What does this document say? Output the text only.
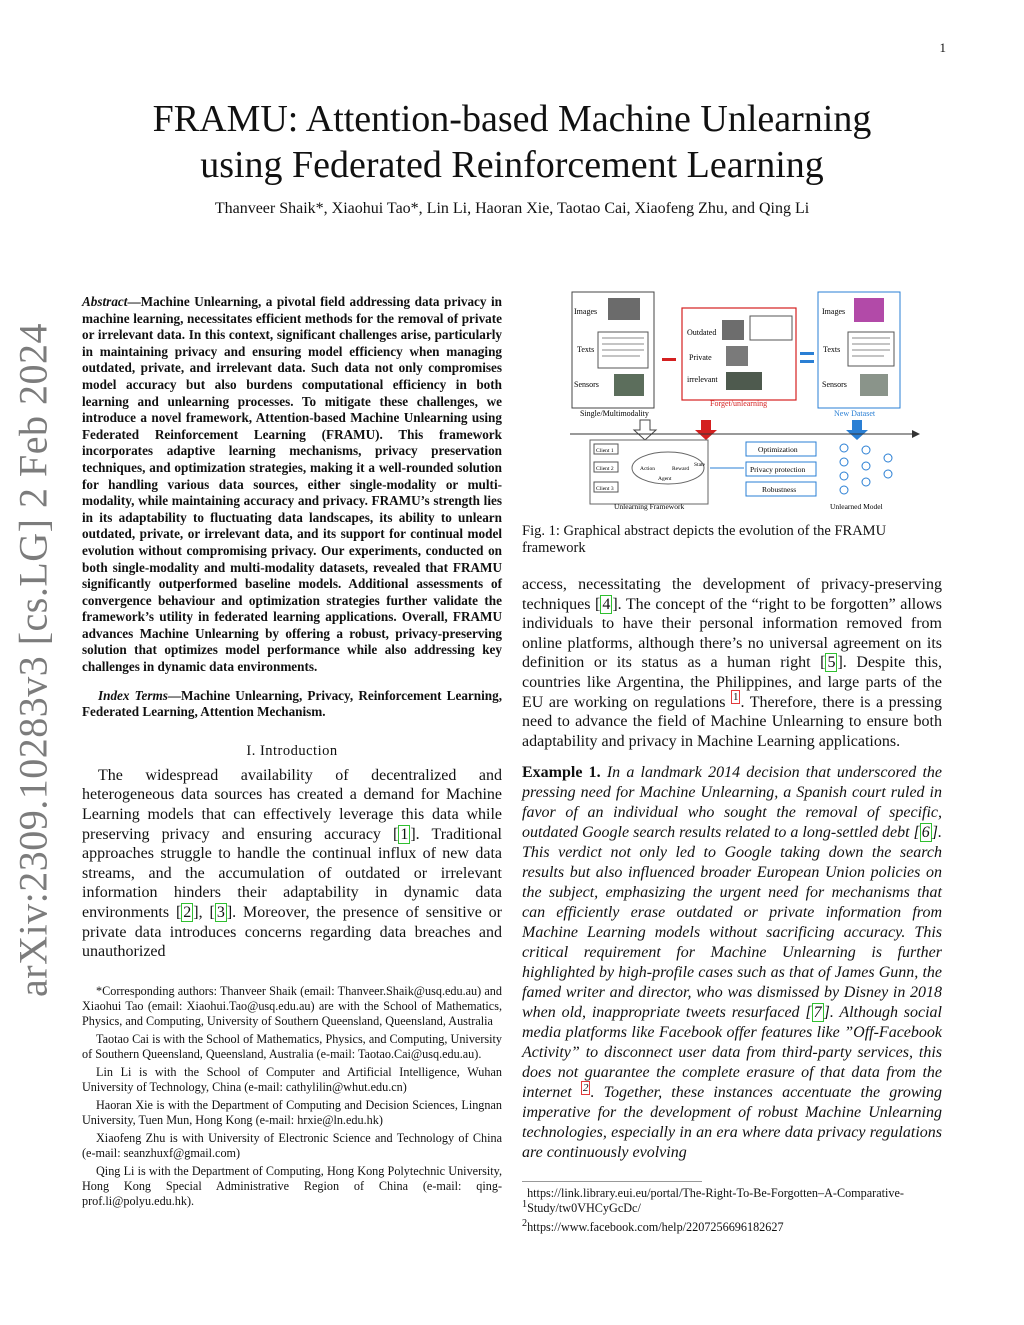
1
arXiv:2309.10283v3 [cs.LG] 2 Feb 2024
FRAMU: Attention-based Machine Unlearning
using Federated Reinforcement Learning
Thanveer Shaik*, Xiaohui Tao*, Lin Li, Haoran Xie, Taotao Cai, Xiaofeng Zhu, and Qing Li

Abstract—Machine Unlearning, a pivotal field addressing data privacy in machine learning, necessitates efficient methods for the removal of private or irrelevant data. In this context, significant challenges arise, particularly in maintaining privacy and ensuring model efficiency when managing outdated, private, and irrelevant data. Such data not only compromises model accuracy but also burdens computational efficiency in both learning and unlearning processes. To mitigate these challenges, we introduce a novel framework, Attention-based Machine Unlearning using Federated Reinforcement Learning (FRAMU). This framework incorporates adaptive learning mechanisms, privacy preservation techniques, and optimization strategies, making it a well-rounded solution for handling various data sources, either single-modality or multi-modality, while maintaining accuracy and privacy. FRAMU’s strength lies in its adaptability to fluctuating data landscapes, its ability to unlearn outdated, private, or irrelevant data, and its support for continual model evolution without compromising privacy. Our experiments, conducted on both single-modality and multi-modality datasets, revealed that FRAMU significantly outperformed baseline models. Additional assessments of convergence behaviour and optimization strategies further validate the framework’s utility in federated learning applications. Overall, FRAMU advances Machine Unlearning by offering a robust, privacy-preserving solution that optimizes model performance while also addressing key challenges in dynamic data environments.

Index Terms—Machine Unlearning, Privacy, Reinforcement Learning, Federated Learning, Attention Mechanism.

I. Introduction

The widespread availability of decentralized and heterogeneous data sources has created a demand for Machine Learning models that can effectively leverage this data while preserving privacy and ensuring accuracy [ 1 ]. Traditional approaches struggle to handle the continual influx of new data streams, and the accumulation of outdated or irrelevant information hinders their adaptability in dynamic data environments [ 2 ], [ 3 ]. Moreover, the presence of sensitive or private data introduces concerns regarding data breaches and unauthorized

*Corresponding authors: Thanveer Shaik (email: Thanveer.Shaik@usq.edu.au) and Xiaohui Tao (email: Xiaohui.Tao@usq.edu.au) are with the School of Mathematics, Physics, and Computing, University of Southern Queensland, Queensland, Australia

Taotao Cai is with the School of Mathematics, Physics, and Computing, University of Southern Queensland, Queensland, Australia (e-mail: Taotao.Cai@usq.edu.au).

Lin Li is with the School of Computer and Artificial Intelligence, Wuhan University of Technology, China (e-mail: cathylilin@whut.edu.cn)

Haoran Xie is with the Department of Computing and Decision Sciences, Lingnan University, Tuen Mun, Hong Kong (e-mail: hrxie@ln.edu.hk)

Xiaofeng Zhu is with University of Electronic Science and Technology of China (e-mail: seanzhuxf@gmail.com)

Qing Li is with the Department of Computing, Hong Kong Polytechnic University, Hong Kong Special Administrative Region of China (e-mail: qing-prof.li@polyu.edu.hk).

Images
Texts
Sensors
Single/Multimodality
Outdated
Private
irrelevant
Forget/unlearning
Images
Texts
Sensors
New Dataset
Client 1
Client 2
Client 3
Action	Reward
State
Agent
Unlearning Framework
Optimization
Privacy protection
Robustness
Unlearned Model

Fig. 1: Graphical abstract depicts the evolution of the FRAMU framework

access, necessitating the development of privacy-preserving techniques [ 4 ]. The concept of the “right to be forgotten” allows individuals to have their personal information removed from online platforms, although there’s no universal agreement on its definition or its status as a human right [ 5 ]. Despite this, countries like Argentina, the Philippines, and large parts of the EU are working on regulations $^1$ . Therefore, there is a pressing need to advance the field of Machine Unlearning to ensure both adaptability and privacy in Machine Learning applications.

Example 1. In a landmark 2014 decision that underscored the pressing need for Machine Unlearning, a Spanish court ruled in favor of an individual who sought the removal of specific, outdated Google search results related to a long-settled debt [ 6 ]. This verdict not only led to Google taking down the search results but also influenced broader European Union policies on the subject, emphasizing the urgent need for mechanisms that can efficiently erase outdated or private information from Machine Learning models without sacrificing accuracy. This critical requirement for Machine Unlearning is further highlighted by high-profile cases such as that of James Gunn, the famed writer and director, who was dismissed by Disney in 2018 when old, inappropriate tweets resurfaced [ 7 ]. Although social media platforms like Facebook offer features like ”Off-Facebook Activity” to disconnect user data from third-party services, this does not guarantee the complete erasure of that data from the internet $^2$ . Together, these instances accentuate the growing imperative for the development of robust Machine Unlearning technologies, especially in an era where data privacy regulations are continuously evolving

$^1$https://link.library.eui.eu/portal/The-Right-To-Be-Forgotten–A-Comparative-Study/tw0VHCyGcDc/

$^2$https://www.facebook.com/help/2207256696182627
